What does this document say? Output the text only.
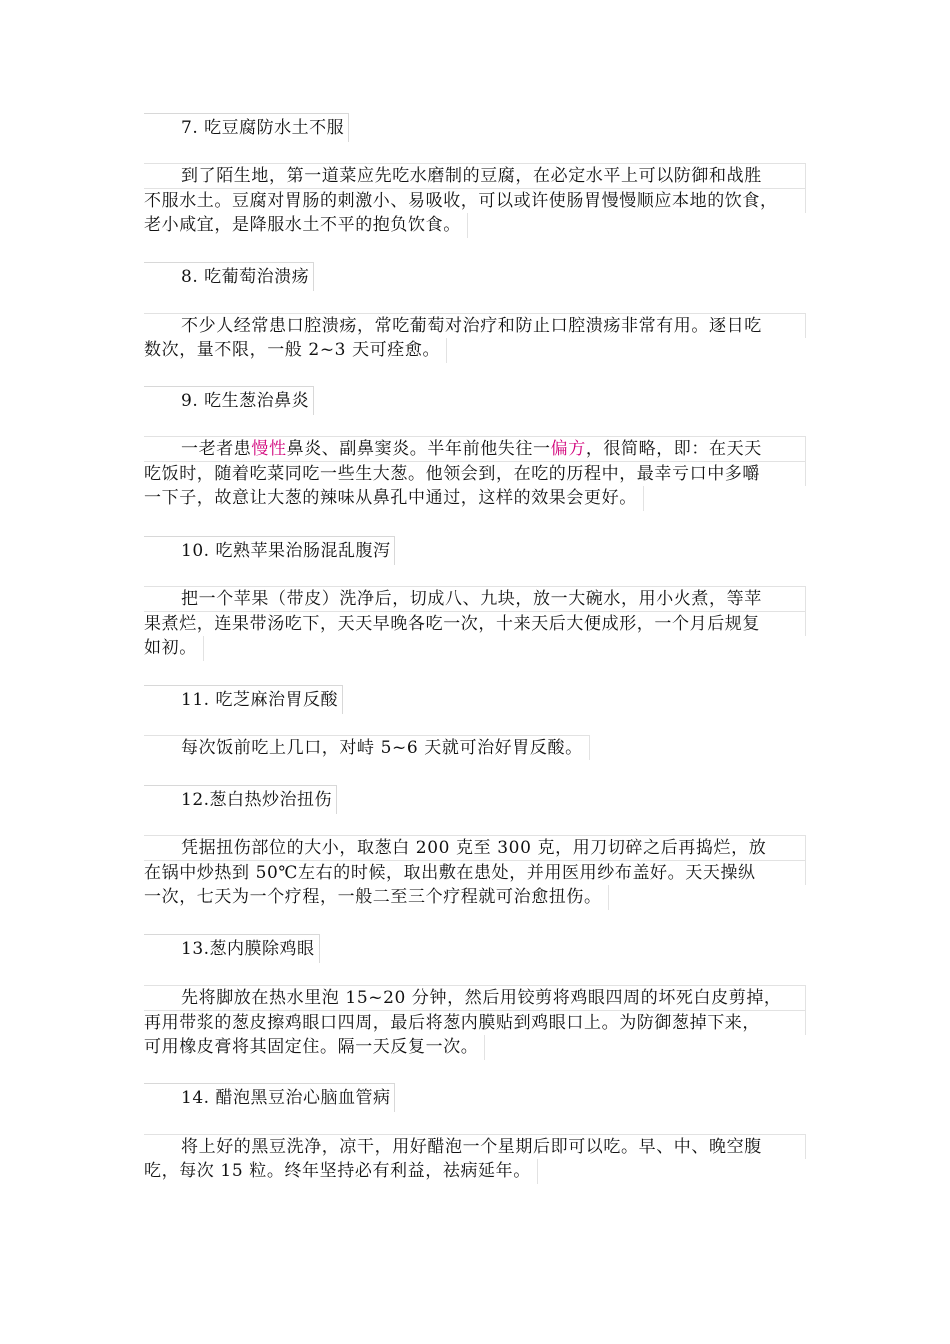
7. 吃豆腐防水土不服
到了陌生地，第一道菜应先吃水磨制的豆腐，在必定水平上可以防御和战胜
不服水土。豆腐对胃肠的刺激小、易吸收，可以或许使肠胃慢慢顺应本地的饮食，
老小咸宜，是降服水土不平的抱负饮食。
8. 吃葡萄治溃疡
不少人经常患口腔溃疡，常吃葡萄对治疗和防止口腔溃疡非常有用。逐日吃
数次，量不限，一般 2~3 天可痊愈。
9. 吃生葱治鼻炎
一老者患慢性鼻炎、副鼻窦炎。半年前他失往一偏方，很简略，即：在天天
吃饭时，随着吃菜同吃一些生大葱。他领会到，在吃的历程中，最幸亏口中多嚼
一下子，故意让大葱的辣味从鼻孔中通过，这样的效果会更好。
10. 吃熟苹果治肠混乱腹泻
把一个苹果（带皮）洗净后，切成八、九块，放一大碗水，用小火煮，等苹
果煮烂，连果带汤吃下，天天早晚各吃一次，十来天后大便成形，一个月后规复
如初。
11. 吃芝麻治胃反酸
每次饭前吃上几口，对峙 5~6 天就可治好胃反酸。
12.葱白热炒治扭伤
凭据扭伤部位的大小，取葱白 200 克至 300 克，用刀切碎之后再捣烂，放
在锅中炒热到 50℃左右的时候，取出敷在患处，并用医用纱布盖好。天天操纵
一次，七天为一个疗程，一般二至三个疗程就可治愈扭伤。
13.葱内膜除鸡眼
先将脚放在热水里泡 15~20 分钟，然后用铰剪将鸡眼四周的坏死白皮剪掉，
再用带浆的葱皮擦鸡眼口四周，最后将葱内膜贴到鸡眼口上。为防御葱掉下来，
可用橡皮膏将其固定住。隔一天反复一次。
14. 醋泡黑豆治心脑血管病
将上好的黑豆洗净，凉干，用好醋泡一个星期后即可以吃。早、中、晚空腹
吃，每次 15 粒。终年坚持必有利益，祛病延年。
